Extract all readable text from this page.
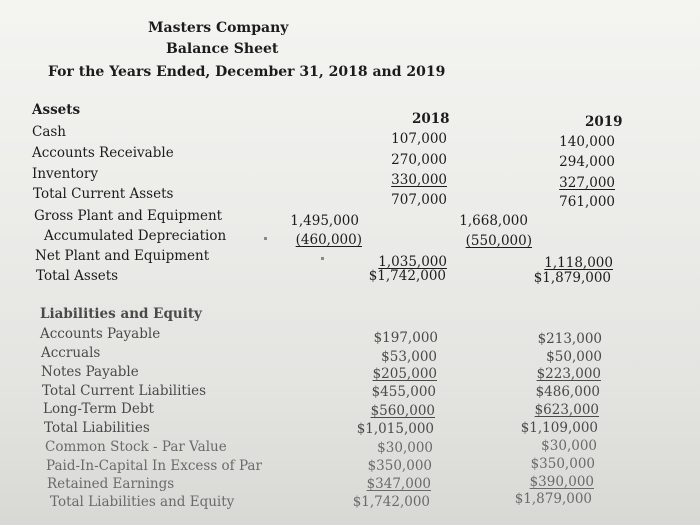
Masters Company
Balance Sheet
For the Years Ended, December 31, 2018 and 2019
Assets
2018	2019
Cash
Accounts Receivable
Inventory
Total Current Assets
Gross Plant and Equipment
Accumulated Depreciation
Net Plant and Equipment
Total Assets
107,000
270,000
330,000
707,000
1,035,000
$1,742,000
1,495,000
(460,000)
140,000
294,000
327,000
761,000
1,118,000
$1,879,000
1,668,000
(550,000)
Liabilities and Equity
Accounts Payable
Accruals
Notes Payable
Total Current Liabilities
Long-Term Debt
Total Liabilities
Common Stock - Par Value
Paid-In-Capital In Excess of Par
Retained Earnings
Total Liabilities and Equity
$197,000
$53,000
$205,000
$455,000
$560,000
$1,015,000
$30,000
$350,000
$347,000
$1,742,000
$213,000
$50,000
$223,000
$486,000
$623,000
$1,109,000
$30,000
$350,000
$390,000
$1,879,000
